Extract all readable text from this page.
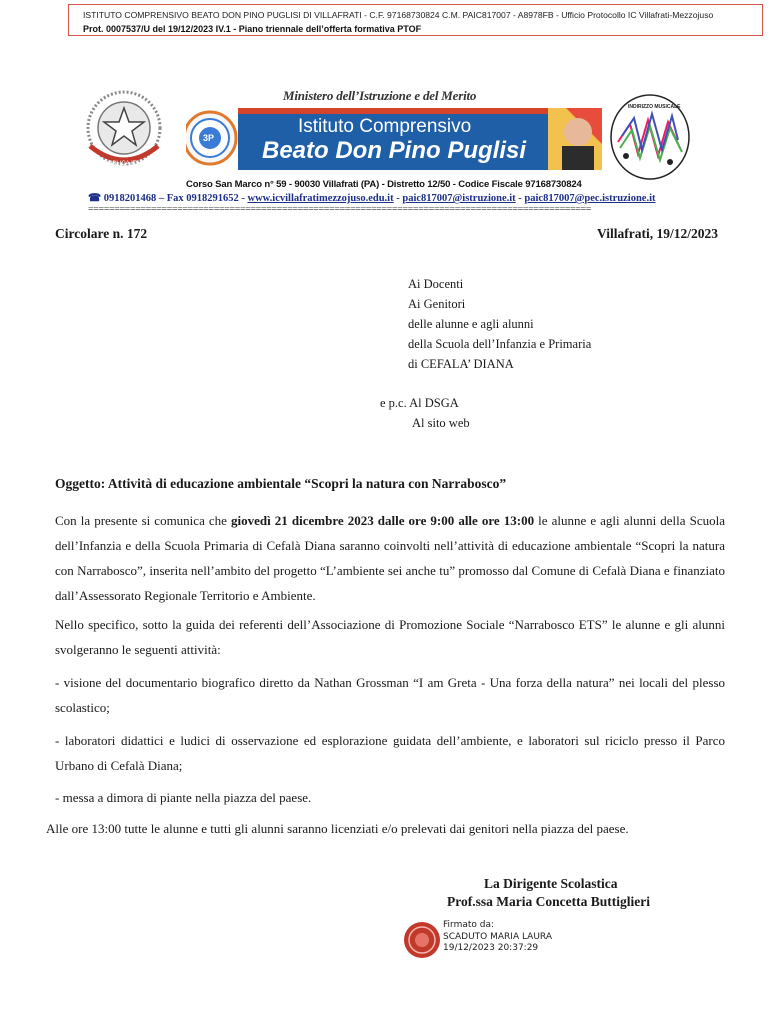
ISTITUTO COMPRENSIVO BEATO DON PINO PUGLISI DI VILLAFRATI - C.F. 97168730824 C.M. PAIC817007 - A8978FB - Ufficio Protocollo IC Villafrati-Mezzojuso
Prot. 0007537/U del 19/12/2023 IV.1 - Piano triennale dell’offerta formativa PTOF
REPVBBLICA ITALIANA
Ministero dell’Istruzione e del Merito
3P
Istituto Comprensivo
Beato Don Pino Puglisi
INDIRIZZO MUSICALE
Corso San Marco n° 59 - 90030 Villafrati (PA) - Distretto 12/50 - Codice Fiscale 97168730824
☎ 0918201468 – Fax 0918291652 - www.icvillafratimezzojuso.edu.it - paic817007@istruzione.it - paic817007@pec.istruzione.it
================================================================================================
Circolare n. 172	Villafrati, 19/12/2023
Ai Docenti
Ai Genitori
delle alunne e agli alunni
della Scuola dell’Infanzia e Primaria
di CEFALA’ DIANA
e p.c. Al DSGA
Al sito web
Oggetto: Attività di educazione ambientale “Scopri la natura con Narrabosco”
Con la presente si comunica che giovedì 21 dicembre 2023 dalle ore 9:00 alle ore 13:00 le alunne e agli alunni della Scuola dell’Infanzia e della Scuola Primaria di Cefalà Diana saranno coinvolti nell’attività di educazione ambientale “Scopri la natura con Narrabosco”, inserita nell’ambito del progetto “L’ambiente sei anche tu” promosso dal Comune di Cefalà Diana e finanziato dall’Assessorato Regionale Territorio e Ambiente.
Nello specifico, sotto la guida dei referenti dell’Associazione di Promozione Sociale “Narrabosco ETS” le alunne e gli alunni svolgeranno le seguenti attività:
- visione del documentario biografico diretto da Nathan Grossman “I am Greta - Una forza della natura” nei locali del plesso scolastico;
- laboratori didattici e ludici di osservazione ed esplorazione guidata dell’ambiente, e laboratori sul riciclo presso il Parco Urbano di Cefalà Diana;
- messa a dimora di piante nella piazza del paese.
Alle ore 13:00 tutte le alunne e tutti gli alunni saranno licenziati e/o prelevati dai genitori nella piazza del paese.
La Dirigente Scolastica
Prof.ssa Maria Concetta Buttiglieri
Firmato da:
SCADUTO MARIA LAURA
19/12/2023 20:37:29
